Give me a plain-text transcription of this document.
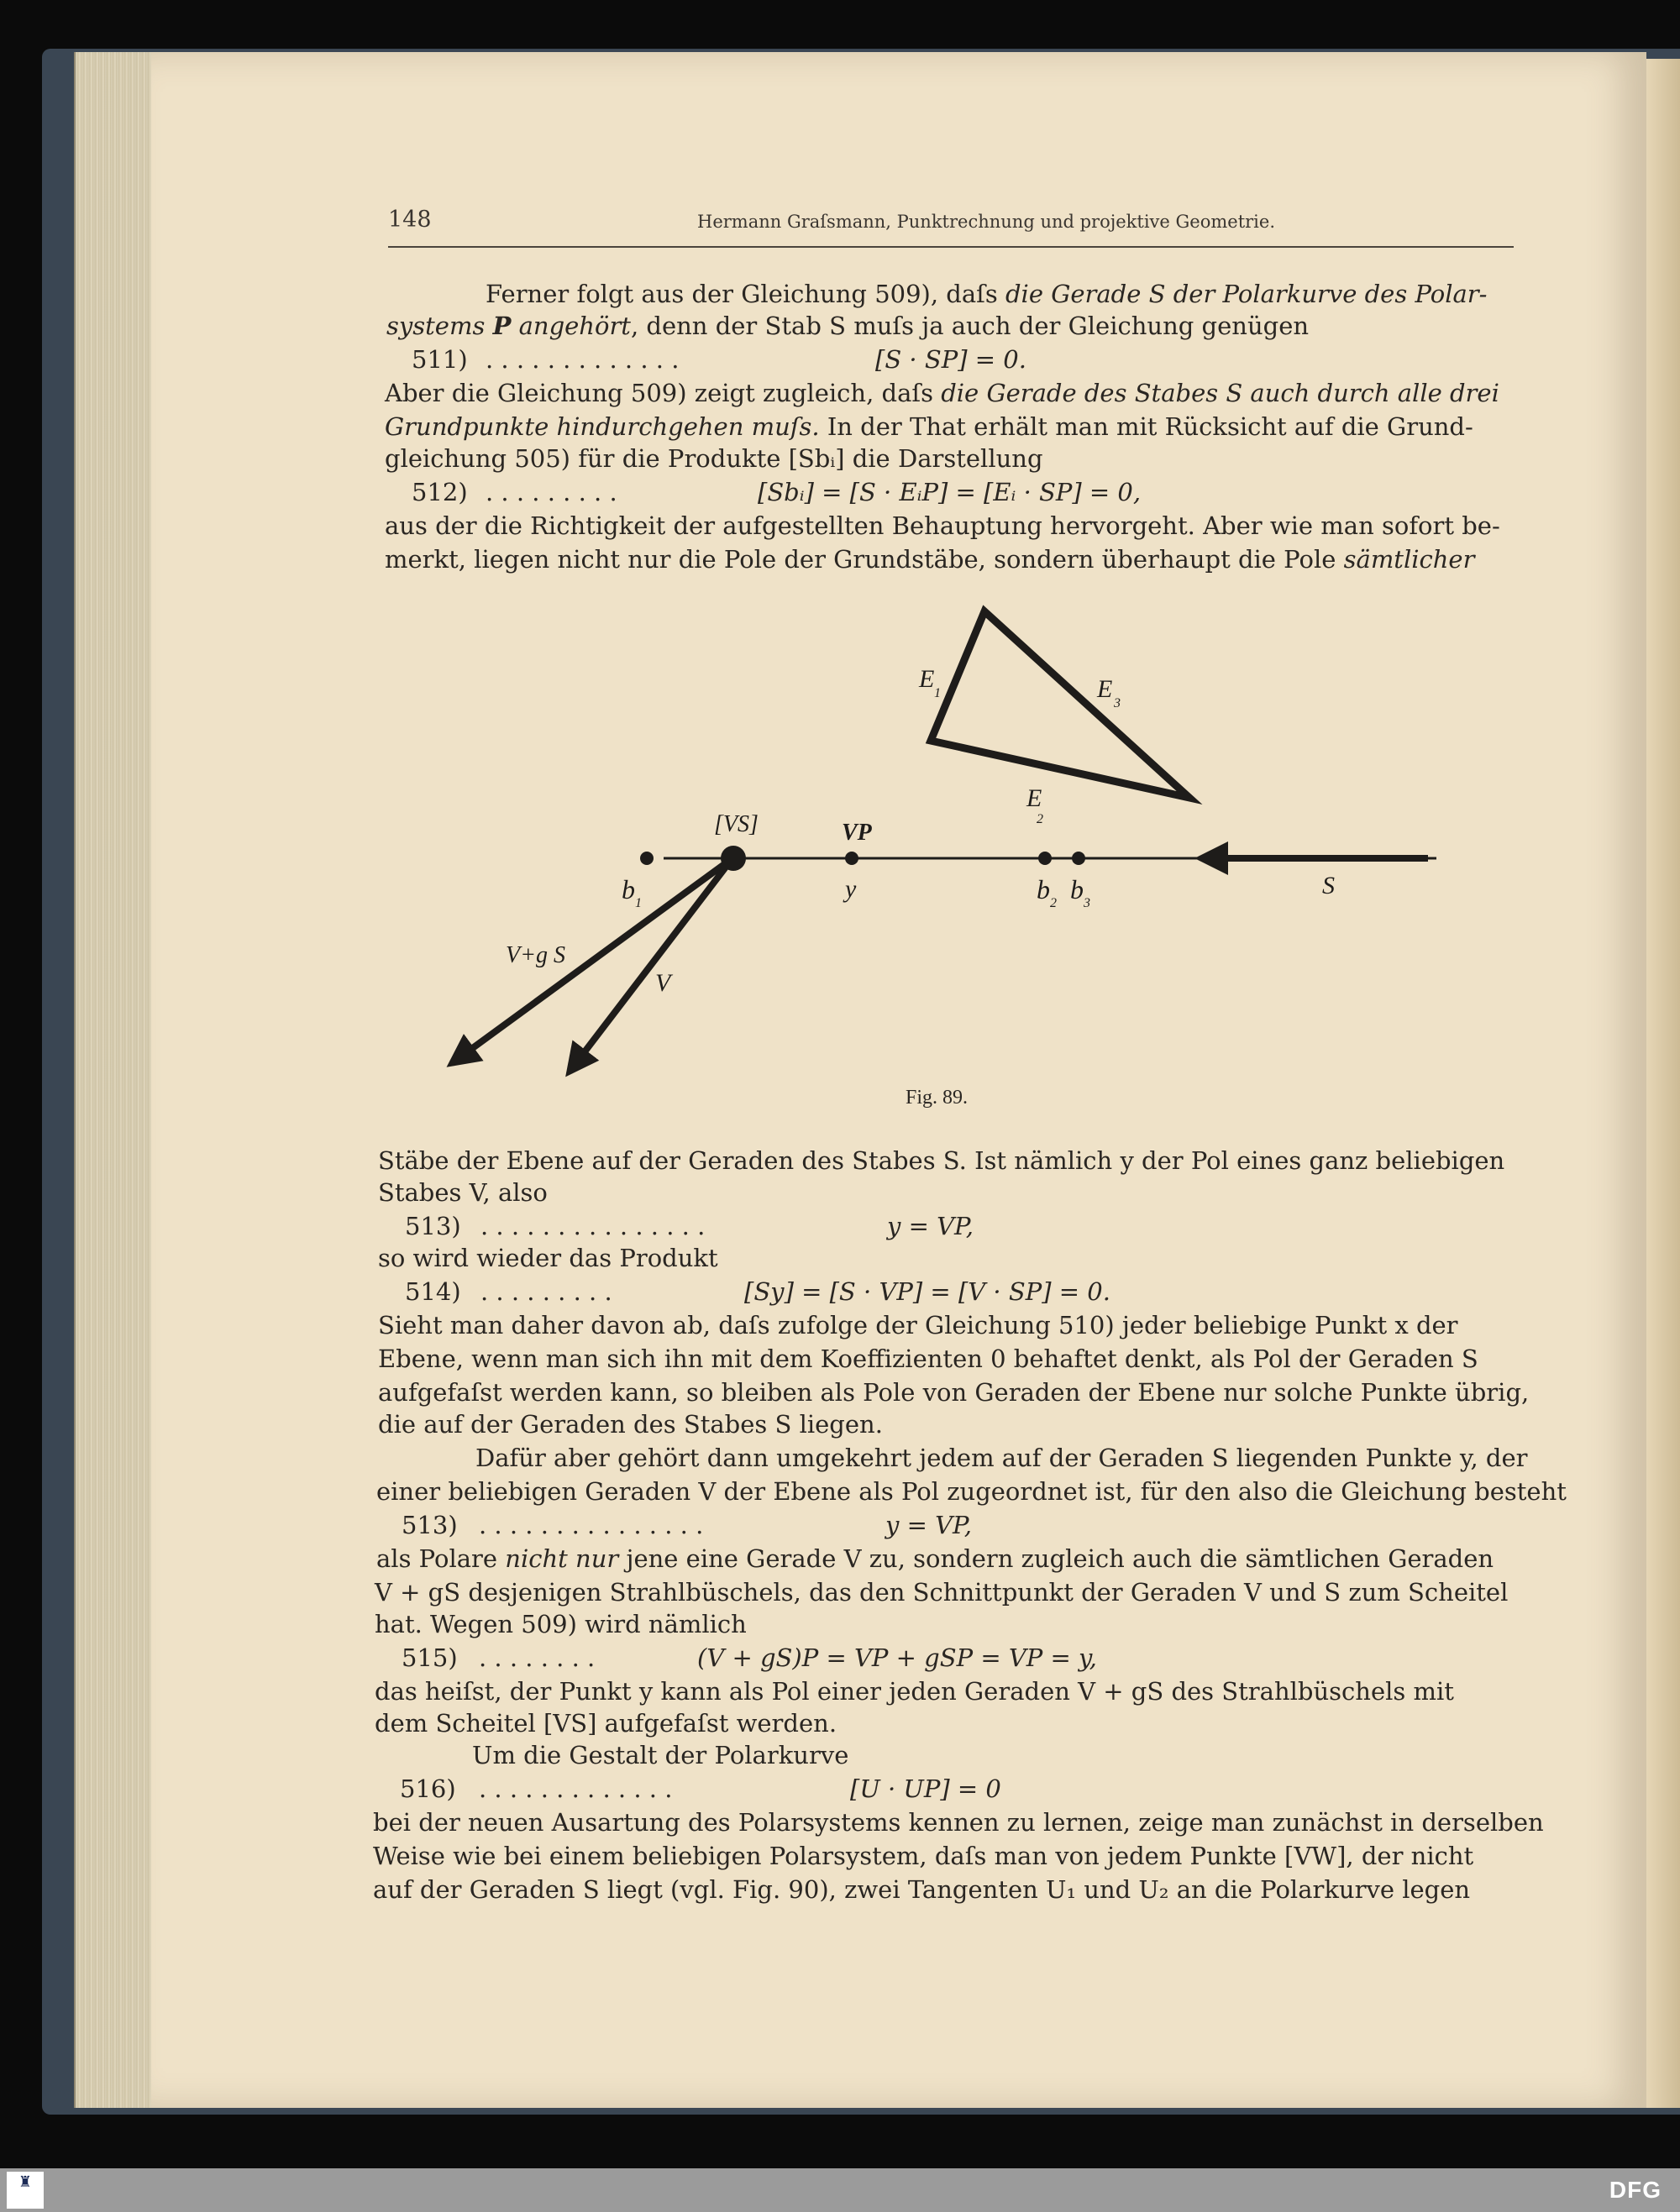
148	Hermann Graſsmann, Punktrechnung und projektive Geometrie.
Ferner folgt aus der Gleichung 509), daſs die Gerade S der Polarkurve des Polar-
systems P angehört, denn der Stab S muſs ja auch der Gleichung genügen
511) . . . . . . . . . . . . .	[S · SP] = 0.
Aber die Gleichung 509) zeigt zugleich, daſs die Gerade des Stabes S auch durch alle drei
Grundpunkte hindurchgehen muſs. In der That erhält man mit Rücksicht auf die Grund-
gleichung 505) für die Produkte [Sbᵢ] die Darstellung
512) . . . . . . . . .	[Sbᵢ] = [S · EᵢP] = [Eᵢ · SP] = 0,
aus der die Richtigkeit der aufgestellten Behauptung hervorgeht. Aber wie man sofort be-
merkt, liegen nicht nur die Pole der Grundstäbe, sondern überhaupt die Pole sämtlicher
E
1	E
3
E
2
[VS]	VP
b 1
y	b 2 b 3
S
V+g S
V
Fig. 89.
Stäbe der Ebene auf der Geraden des Stabes S. Ist nämlich y der Pol eines ganz beliebigen
Stabes V, also
513) . . . . . . . . . . . . . . .	y = VP,
so wird wieder das Produkt
514) . . . . . . . . .	[Sy] = [S · VP] = [V · SP] = 0.
Sieht man daher davon ab, daſs zufolge der Gleichung 510) jeder beliebige Punkt x der
Ebene, wenn man sich ihn mit dem Koeffizienten 0 behaftet denkt, als Pol der Geraden S
aufgefaſst werden kann, so bleiben als Pole von Geraden der Ebene nur solche Punkte übrig,
die auf der Geraden des Stabes S liegen.
Dafür aber gehört dann umgekehrt jedem auf der Geraden S liegenden Punkte y, der
einer beliebigen Geraden V der Ebene als Pol zugeordnet ist, für den also die Gleichung besteht
513) . . . . . . . . . . . . . . .	y = VP,
als Polare nicht nur jene eine Gerade V zu, sondern zugleich auch die sämtlichen Geraden
V + gS desjenigen Strahlbüschels, das den Schnittpunkt der Geraden V und S zum Scheitel
hat. Wegen 509) wird nämlich
515) . . . . . . . .	(V + gS)P = VP + gSP = VP = y,
das heiſst, der Punkt y kann als Pol einer jeden Geraden V + gS des Strahlbüschels mit
dem Scheitel [VS] aufgefaſst werden.
Um die Gestalt der Polarkurve
516) . . . . . . . . . . . . .	[U · UP] = 0
bei der neuen Ausartung des Polarsystems kennen zu lernen, zeige man zunächst in derselben
Weise wie bei einem beliebigen Polarsystem, daſs man von jedem Punkte [VW], der nicht
auf der Geraden S liegt (vgl. Fig. 90), zwei Tangenten U₁ und U₂ an die Polarkurve legen
♜	DFG
